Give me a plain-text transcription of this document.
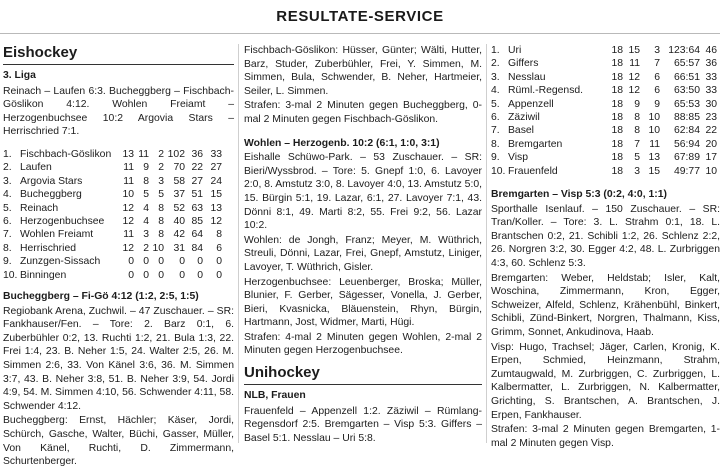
RESULTATE-SERVICE
Eishockey
3. Liga
Reinach – Laufen 6:3. Bucheggberg – Fischbach-Göslikon 4:12. Wohlen Freiamt – Herzogenbuchsee 10:2 Argovia Stars – Herrischried 7:1.
1.	Fischbach-Göslikon	13	11	2	102	36	33
2.	Laufen	11	9	2	70	22	27
3.	Argovia Stars	11	8	3	58	27	24
4.	Bucheggberg	10	5	5	37	51	15
5.	Reinach	12	4	8	52	63	13
6.	Herzogenbuchsee	12	4	8	40	85	12
7.	Wohlen Freiamt	11	3	8	42	64	8
8.	Herrischried	12	2	10	31	84	6
9.	Zunzgen-Sissach	0	0	0	0	0	0
10.	Binningen	0	0	0	0	0	0
Bucheggberg – Fi-Gö 4:12 (1:2, 2:5, 1:5)
Regiobank Arena, Zuchwil. – 47 Zuschauer. – SR: Fankhauser/Fen. – Tore: 2. Barz 0:1, 6. Zuberbühler 0:2, 13. Ruchti 1:2, 21. Bula 1:3, 22. Frei 1:4, 23. B. Neher 1:5, 24. Walter 2:5, 26. M. Simmen 2:6, 33. Von Känel 3:6, 36. M. Simmen 3:7, 43. B. Neher 3:8, 51. B. Neher 3:9, 54. Jordi 4:9, 54. M. Simmen 4:10, 56. Schwender 4:11, 58. Schwender 4:12.
Bucheggberg: Ernst, Hächler; Käser, Jordi, Schürch, Gasche, Walter, Büchi, Gasser, Müller, Von Känel, Ruchti, D. Zimmermann, Schurtenberger.
Fischbach-Göslikon: Hüsser, Günter; Wälti, Hutter, Barz, Studer, Zuberbühler, Frei, Y. Simmen, M. Simmen, Bula, Schwender, B. Neher, Hartmeier, Seiler, L. Simmen.
Strafen: 3-mal 2 Minuten gegen Bucheggberg, 0-mal 2 Minuten gegen Fischbach-Göslikon.
Wohlen – Herzogenb. 10:2 (6:1, 1:0, 3:1)
Eishalle Schüwo-Park. – 53 Zuschauer. – SR: Bieri/Wyssbrod. – Tore: 5. Gnepf 1:0, 6. Lavoyer 2:0, 8. Amstutz 3:0, 8. Lavoyer 4:0, 13. Amstutz 5:0, 15. Bürgin 5:1, 19. Lazar, 6:1, 27. Lavoyer 7:1, 43. Dönni 8:1, 49. Marti 8:2, 55. Frei 9:2, 56. Lazar 10:2.
Wohlen: de Jongh, Franz; Meyer, M. Wüthrich, Streuli, Dönni, Lazar, Frei, Gnepf, Amstutz, Liniger, Lavoyer, T. Wüthrich, Gisler.
Herzogenbuchsee: Leuenberger, Broska; Müller, Blunier, F. Gerber, Sägesser, Vonella, J. Gerber, Bieri, Kvasnicka, Bläuenstein, Rhyn, Bürgin, Hartmann, Jost, Widmer, Marti, Hügi.
Strafen: 4-mal 2 Minuten gegen Wohlen, 2-mal 2 Minuten gegen Herzogenbuchsee.
Unihockey
NLB, Frauen
Frauenfeld – Appenzell 1:2. Zäziwil – Rümlang-Regensdorf 2:5. Bremgarten – Visp 5:3. Giffers – Basel 5:1. Nesslau – Uri 5:8.
1.	Uri	18	15	3	123:64	46
2.	Giffers	18	11	7	65:57	36
3.	Nesslau	18	12	6	66:51	33
4.	Rüml.-Regensd.	18	12	6	63:50	33
5.	Appenzell	18	9	9	65:53	30
6.	Zäziwil	18	8	10	88:85	23
7.	Basel	18	8	10	62:84	22
8.	Bremgarten	18	7	11	56:94	20
9.	Visp	18	5	13	67:89	17
10.	Frauenfeld	18	3	15	49:77	10
Bremgarten – Visp 5:3 (0:2, 4:0, 1:1)
Sporthalle Isenlauf. – 150 Zuschauer. – SR: Tran/Koller. – Tore: 3. L. Strahm 0:1, 18. L. Brantschen 0:2, 21. Schibli 1:2, 26. Schlenz 2:2, 26. Norgren 3:2, 30. Egger 4:2, 48. L. Zurbriggen 4:3, 60. Schlenz 5:3.
Bremgarten: Weber, Heldstab; Isler, Kalt, Woschina, Zimmermann, Kron, Egger, Schweizer, Alfeld, Schlenz, Krähenbühl, Binkert, Schibli, Zünd-Binkert, Norgren, Thalmann, Kiss, Grimm, Sonnet, Ankudinova, Haab.
Visp: Hugo, Trachsel; Jäger, Carlen, Kronig, K. Erpen, Schmied, Heinzmann, Strahm, Zumtaugwald, M. Zurbriggen, C. Zurbriggen, L. Kalbermatter, L. Zurbriggen, N. Kalbermatter, Grichting, S. Brantschen, A. Brantschen, J. Erpen, Fankhauser.
Strafen: 3-mal 2 Minuten gegen Bremgarten, 1-mal 2 Minuten gegen Visp.
